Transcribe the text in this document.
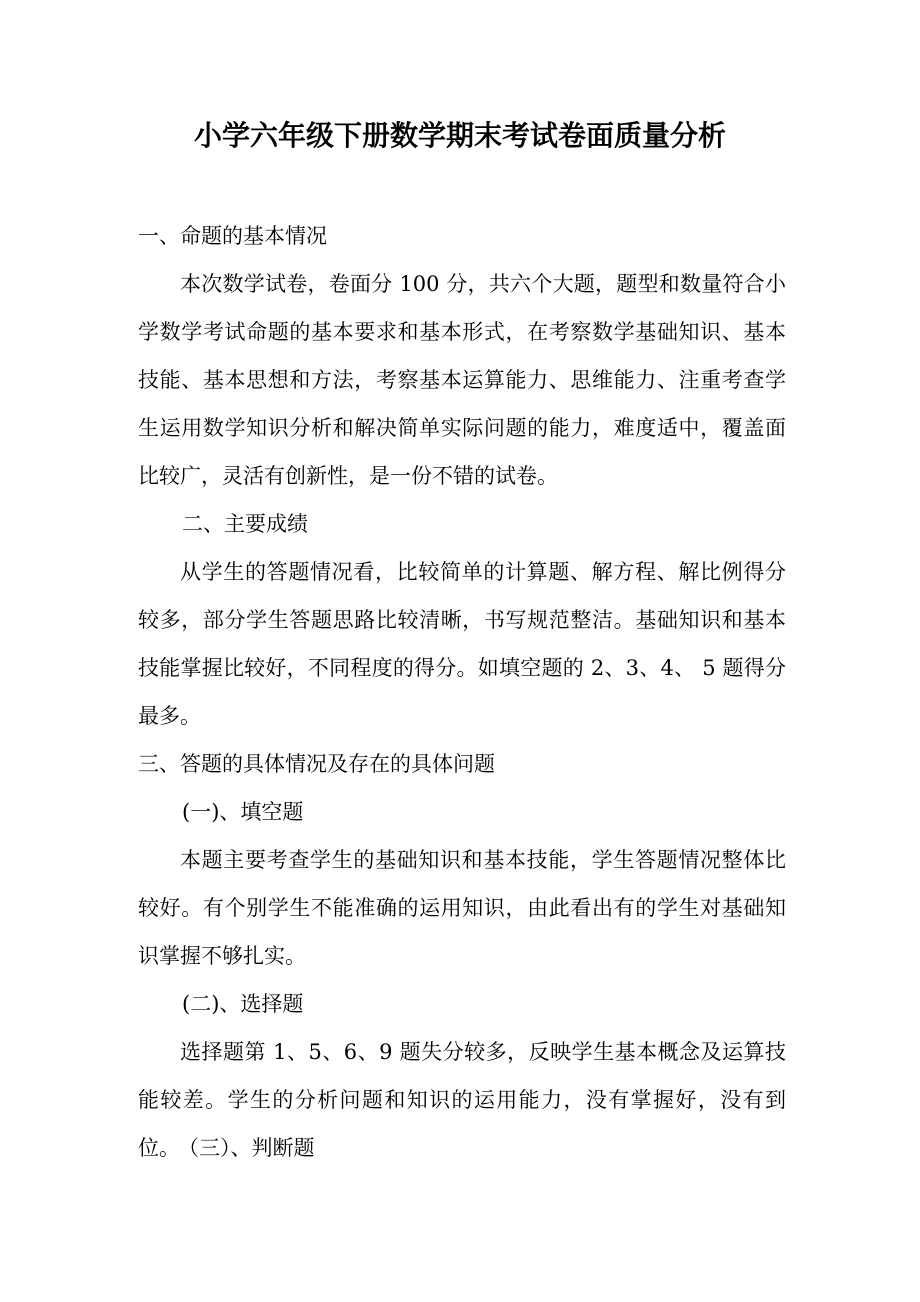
小学六年级下册数学期末考试卷面质量分析

一、命题的基本情况

本次数学试卷，卷面分 100 分，共六个大题，题型和数量符合小学数学考试命题的基本要求和基本形式，在考察数学基础知识、基本技能、基本思想和方法，考察基本运算能力、思维能力、注重考查学生运用数学知识分析和解决简单实际问题的能力，难度适中，覆盖面比较广，灵活有创新性，是一份不错的试卷。

二、主要成绩

从学生的答题情况看，比较简单的计算题、解方程、解比例得分较多，部分学生答题思路比较清晰，书写规范整洁。基础知识和基本技能掌握比较好，不同程度的得分。如填空题的 2、3、4、 5 题得分最多。

三、答题的具体情况及存在的具体问题

(一)、填空题

本题主要考查学生的基础知识和基本技能，学生答题情况整体比较好。有个别学生不能准确的运用知识，由此看出有的学生对基础知识掌握不够扎实。

(二)、选择题

选择题第 1、5、6、9 题失分较多，反映学生基本概念及运算技能较差。学生的分析问题和知识的运用能力，没有掌握好，没有到位。

（三）、判断题
